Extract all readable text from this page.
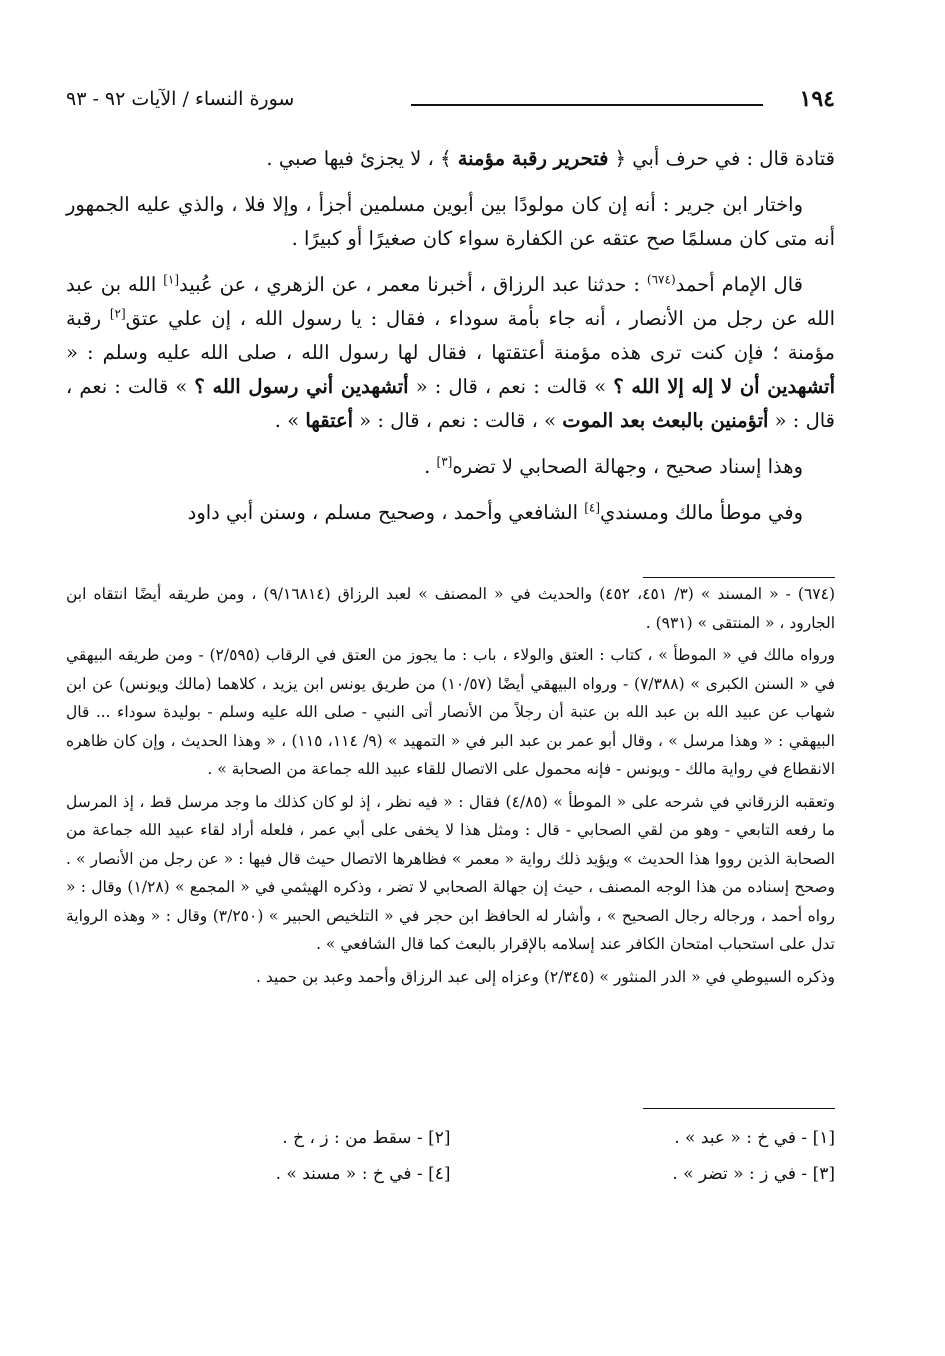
١٩٤
سورة النساء / الآيات ٩٢ - ٩٣

قتادة قال : في حرف أبي ﴿ فتحرير رقبة مؤمنة ﴾ ، لا يجزئ فيها صبي .

واختار ابن جرير : أنه إن كان مولودًا بين أبوين مسلمين أجزأ ، وإلا فلا ، والذي عليه الجمهور أنه متى كان مسلمًا صح عتقه عن الكفارة سواء كان صغيرًا أو كبيرًا .

قال الإمام أحمد$^{(٦٧٤)}$ : حدثنا عبد الرزاق ، أخبرنا معمر ، عن الزهري ، عن عُبيد[١] الله بن عبد الله عن رجل من الأنصار ، أنه جاء بأمة سوداء ، فقال : يا رسول الله ، إن علي عتق[٢] رقبة مؤمنة ؛ فإن كنت ترى هذه مؤمنة أعتقتها ، فقال لها رسول الله ، صلى الله عليه وسلم : « أتشهدين أن لا إله إلا الله ؟ » قالت : نعم ، قال : « أتشهدين أني رسول الله ؟ » قالت : نعم ، قال : « أتؤمنين بالبعث بعد الموت » ، قالت : نعم ، قال : « أعتقها » .

وهذا إسناد صحيح ، وجهالة الصحابي لا تضره[٣] .

وفي موطأ مالك ومسندي[٤] الشافعي وأحمد ، وصحيح مسلم ، وسنن أبي داود

(٦٧٤) - « المسند » (٣/ ٤٥١، ٤٥٢) والحديث في « المصنف » لعبد الرزاق (٩/١٦٨١٤) ، ومن طريقه أيضًا انتقاه ابن الجارود ، « المنتقى » (٩٣١) .

ورواه مالك في « الموطأ » ، كتاب : العتق والولاء ، باب : ما يجوز من العتق في الرقاب (٢/٥٩٥) - ومن طريقه البيهقي في « السنن الكبرى » (٧/٣٨٨) - ورواه البيهقي أيضًا (١٠/٥٧) من طريق يونس ابن يزيد ، كلاهما (مالك ويونس) عن ابن شهاب عن عبيد الله بن عبد الله بن عتبة أن رجلاً من الأنصار أتى النبي - صلى الله عليه وسلم - بوليدة سوداء ... قال البيهقي : « وهذا مرسل » ، وقال أبو عمر بن عبد البر في « التمهيد » (٩/ ١١٤، ١١٥) ، « وهذا الحديث ، وإن كان ظاهره الانقطاع في رواية مالك - ويونس - فإنه محمول على الاتصال للقاء عبيد الله جماعة من الصحابة » .

وتعقبه الزرقاني في شرحه على « الموطأ » (٤/٨٥) فقال : « فيه نظر ، إذ لو كان كذلك ما وجد مرسل قط ، إذ المرسل ما رفعه التابعي - وهو من لقي الصحابي - قال : ومثل هذا لا يخفى على أبي عمر ، فلعله أراد لقاء عبيد الله جماعة من الصحابة الذين رووا هذا الحديث » ويؤيد ذلك رواية « معمر » فظاهرها الاتصال حيث قال فيها : « عن رجل من الأنصار » . وصحح إسناده من هذا الوجه المصنف ، حيث إن جهالة الصحابي لا تضر ، وذكره الهيثمي في « المجمع » (١/٢٨) وقال : « رواه أحمد ، ورجاله رجال الصحيح » ، وأشار له الحافظ ابن حجر في « التلخيص الحبير » (٣/٢٥٠) وقال : « وهذه الرواية تدل على استحباب امتحان الكافر عند إسلامه بالإقرار بالبعث كما قال الشافعي » .

وذكره السيوطي في « الدر المنثور » (٢/٣٤٥) وعزاه إلى عبد الرزاق وأحمد وعبد بن حميد .

[١] - في خ : « عبد » .
[٢] - سقط من : ز ، خ .
[٣] - في ز : « تضر » .
[٤] - في خ : « مسند » .
